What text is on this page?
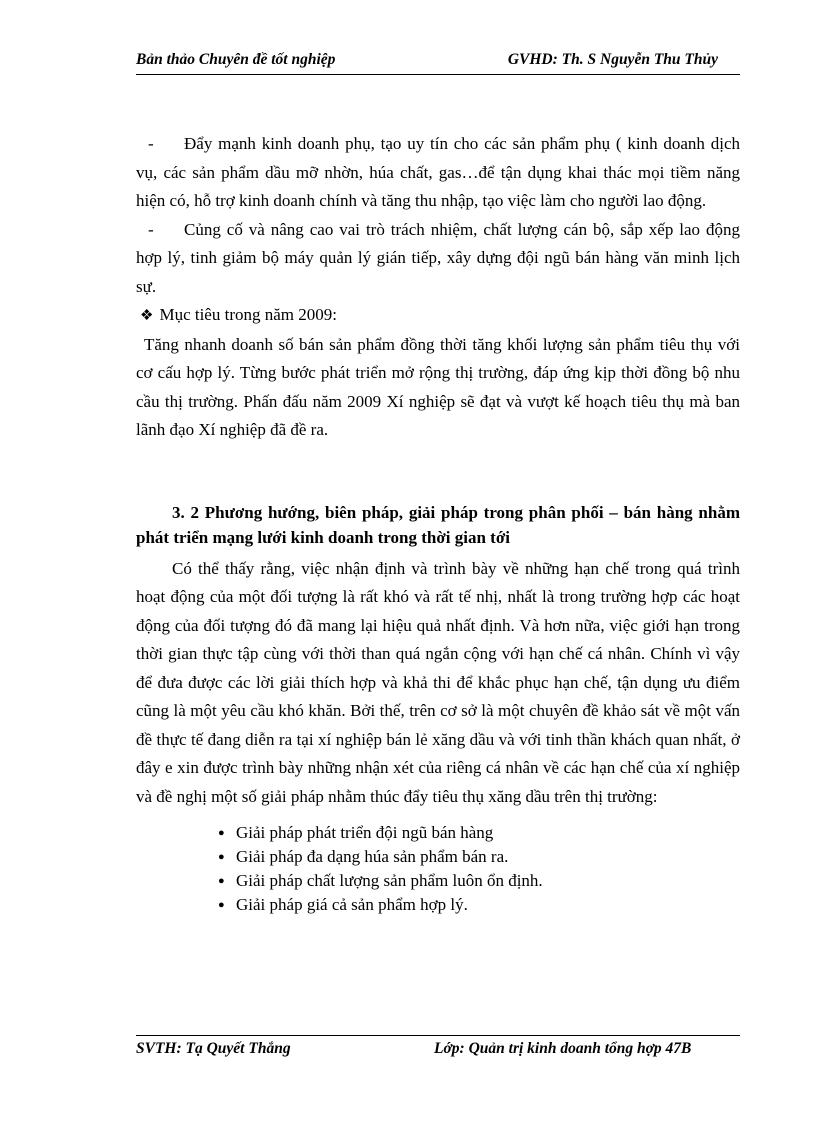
Bản thảo Chuyên đề tốt nghiệp	GVHD: Th. S Nguyễn Thu Thủy

- Đẩy mạnh kinh doanh phụ, tạo uy tín cho các sản phẩm phụ ( kinh doanh dịch vụ, các sản phẩm dầu mỡ nhờn, húa chất, gas…để tận dụng khai thác mọi tiềm năng hiện có, hỗ trợ kinh doanh chính và tăng thu nhập, tạo việc làm cho người lao động.

- Củng cố và nâng cao vai trò trách nhiệm, chất lượng cán bộ, sắp xếp lao động hợp lý, tinh giảm bộ máy quản lý gián tiếp, xây dựng đội ngũ bán hàng văn minh lịch sự.

❖ Mục tiêu trong năm 2009:

Tăng nhanh doanh số bán sản phẩm đồng thời tăng khối lượng sản phẩm tiêu thụ với cơ cấu hợp lý. Từng bước phát triển mở rộng thị trường, đáp ứng kịp thời đồng bộ nhu cầu thị trường. Phấn đấu năm 2009 Xí nghiệp sẽ đạt và vượt kế hoạch tiêu thụ mà ban lãnh đạo Xí nghiệp đã đề ra.

3. 2 Phương hướng, biên pháp, giải pháp trong phân phối – bán hàng nhằm phát triển mạng lưới kinh doanh trong thời gian tới

Có thể thấy rằng, việc nhận định và trình bày về những hạn chế trong quá trình hoạt động của một đối tượng là rất khó và rất tế nhị, nhất là trong trường hợp các hoạt động của đối tượng đó đã mang lại hiệu quả nhất định. Và hơn nữa, việc giới hạn trong thời gian thực tập cùng với thời than quá ngắn cộng với hạn chế cá nhân. Chính vì vậy để đưa được các lời giải thích hợp và khả thi để khắc phục hạn chế, tận dụng ưu điểm cũng là một yêu cầu khó khăn. Bởi thế, trên cơ sở là một chuyên đề khảo sát về một vấn đề thực tế đang diễn ra tại xí nghiệp bán lẻ xăng dầu và với tinh thần khách quan nhất, ở đây e xin được trình bày những nhận xét của riêng cá nhân về các hạn chế của xí nghiệp và đề nghị một số giải pháp nhằm thúc đẩy tiêu thụ xăng dầu trên thị trường:

● Giải pháp phát triển đội ngũ bán hàng
● Giải pháp đa dạng húa sản phẩm bán ra.
● Giải pháp chất lượng sản phẩm luôn ổn định.
● Giải pháp giá cả sản phẩm hợp lý.
SVTH: Tạ Quyết Thắng	Lớp: Quản trị kinh doanh tổng hợp 47B
